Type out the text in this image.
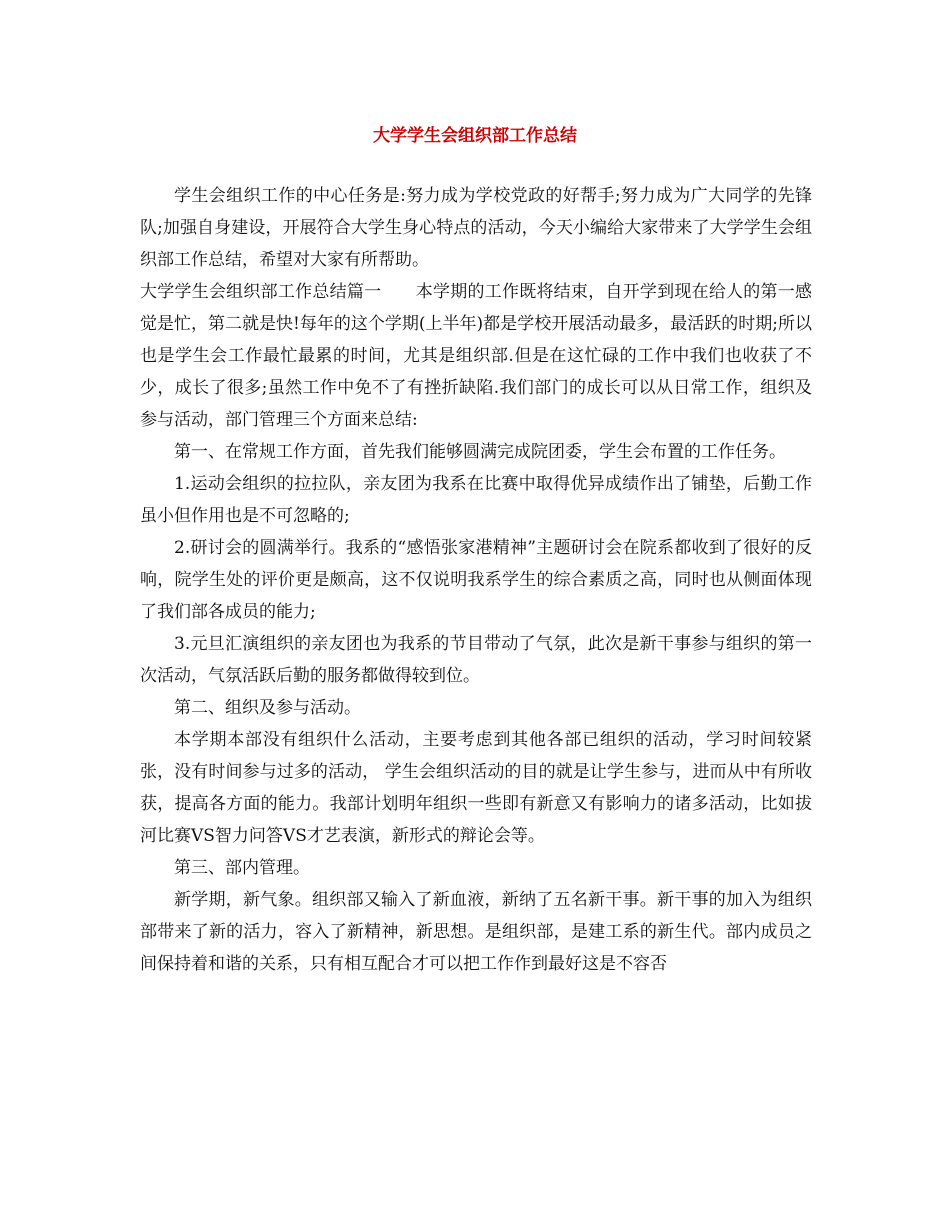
大学学生会组织部工作总结

学生会组织工作的中心任务是:努力成为学校党政的好帮手;努力成为广大同学的先锋队;加强自身建设，开展符合大学生身心特点的活动，今天小编给大家带来了大学学生会组织部工作总结，希望对大家有所帮助。

大学学生会组织部工作总结篇一　　本学期的工作既将结束，自开学到现在给人的第一感觉是忙，第二就是快!每年的这个学期(上半年)都是学校开展活动最多，最活跃的时期;所以也是学生会工作最忙最累的时间，尤其是组织部.但是在这忙碌的工作中我们也收获了不少，成长了很多;虽然工作中免不了有挫折缺陷.我们部门的成长可以从日常工作，组织及参与活动，部门管理三个方面来总结:

第一、在常规工作方面，首先我们能够圆满完成院团委，学生会布置的工作任务。

1.运动会组织的拉拉队，亲友团为我系在比赛中取得优异成绩作出了铺垫，后勤工作虽小但作用也是不可忽略的;

2.研讨会的圆满举行。我系的“感悟张家港精神”主题研讨会在院系都收到了很好的反响，院学生处的评价更是颇高，这不仅说明我系学生的综合素质之高，同时也从侧面体现了我们部各成员的能力;

3.元旦汇演组织的亲友团也为我系的节目带动了气氛，此次是新干事参与组织的第一次活动，气氛活跃后勤的服务都做得较到位。

第二、组织及参与活动。

本学期本部没有组织什么活动，主要考虑到其他各部已组织的活动，学习时间较紧张，没有时间参与过多的活动， 学生会组织活动的目的就是让学生参与，进而从中有所收获，提高各方面的能力。我部计划明年组织一些即有新意又有影响力的诸多活动，比如拔河比赛VS智力问答VS才艺表演，新形式的辩论会等。

第三、部内管理。

新学期，新气象。组织部又输入了新血液，新纳了五名新干事。新干事的加入为组织部带来了新的活力，容入了新精神，新思想。是组织部，是建工系的新生代。部内成员之间保持着和谐的关系，只有相互配合才可以把工作作到最好这是不容否
